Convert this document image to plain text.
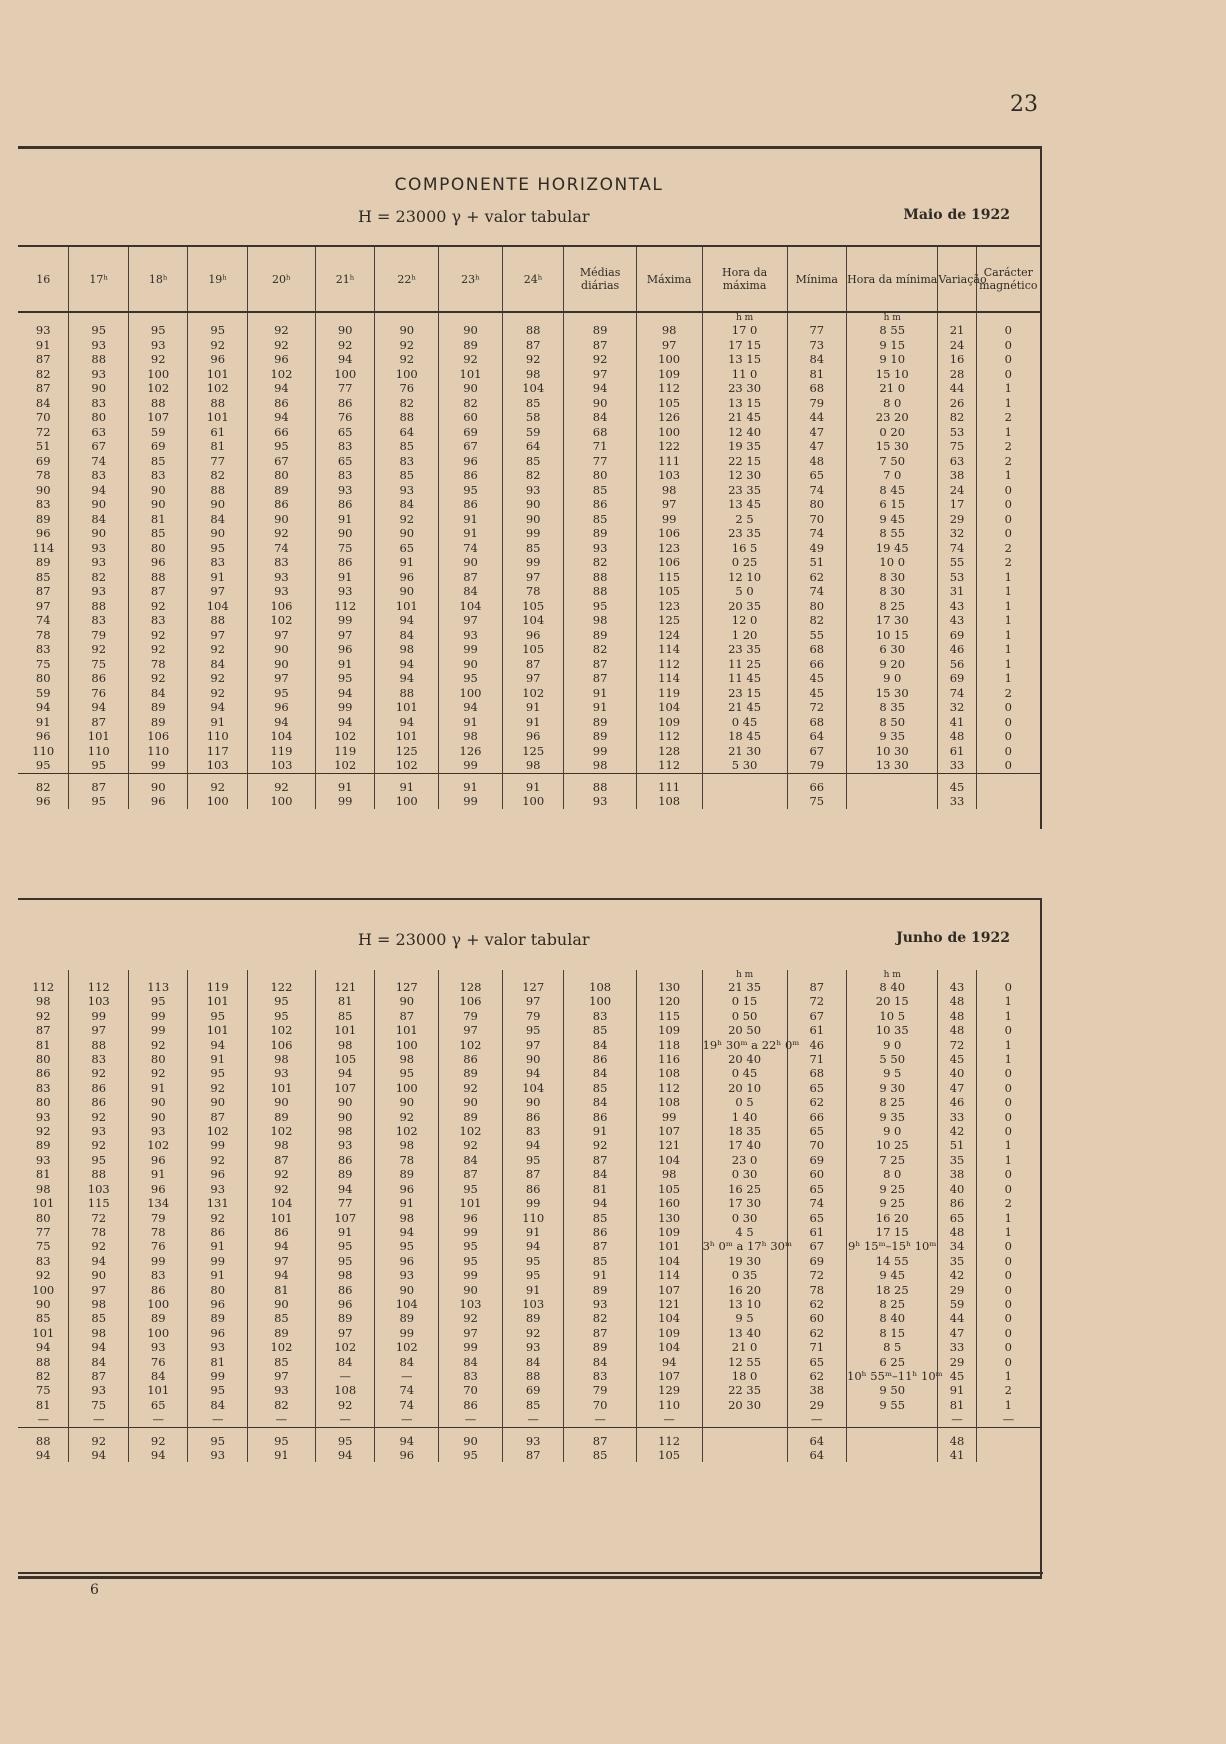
23
COMPONENTE HORIZONTAL
H = 23000 γ + valor tabular	Maio de 1922
16	17ʰ	18ʰ	19ʰ	20ʰ	21ʰ	22ʰ	23ʰ	24ʰ	Médias diárias	Máxima	Hora da máxima	Mínima	Hora da mínima	Variação	Carácter magnético
											h m		h m		
93	95	95	95	92	90	90	90	88	89	98	17 0	77	8 55	21	0
91	93	93	92	92	92	92	89	87	87	97	17 15	73	9 15	24	0
87	88	92	96	96	94	92	92	92	92	100	13 15	84	9 10	16	0
82	93	100	101	102	100	100	101	98	97	109	11 0	81	15 10	28	0
87	90	102	102	94	77	76	90	104	94	112	23 30	68	21 0	44	1
84	83	88	88	86	86	82	82	85	90	105	13 15	79	8 0	26	1
70	80	107	101	94	76	88	60	58	84	126	21 45	44	23 20	82	2
72	63	59	61	66	65	64	69	59	68	100	12 40	47	0 20	53	1
51	67	69	81	95	83	85	67	64	71	122	19 35	47	15 30	75	2
69	74	85	77	67	65	83	96	85	77	111	22 15	48	7 50	63	2
78	83	83	82	80	83	85	86	82	80	103	12 30	65	7 0	38	1
90	94	90	88	89	93	93	95	93	85	98	23 35	74	8 45	24	0
83	90	90	90	86	86	84	86	90	86	97	13 45	80	6 15	17	0
89	84	81	84	90	91	92	91	90	85	99	2 5	70	9 45	29	0
96	90	85	90	92	90	90	91	99	89	106	23 35	74	8 55	32	0
114	93	80	95	74	75	65	74	85	93	123	16 5	49	19 45	74	2
89	93	96	83	83	86	91	90	99	82	106	0 25	51	10 0	55	2
85	82	88	91	93	91	96	87	97	88	115	12 10	62	8 30	53	1
87	93	87	97	93	93	90	84	78	88	105	5 0	74	8 30	31	1
97	88	92	104	106	112	101	104	105	95	123	20 35	80	8 25	43	1
74	83	83	88	102	99	94	97	104	98	125	12 0	82	17 30	43	1
78	79	92	97	97	97	84	93	96	89	124	1 20	55	10 15	69	1
83	92	92	92	90	96	98	99	105	82	114	23 35	68	6 30	46	1
75	75	78	84	90	91	94	90	87	87	112	11 25	66	9 20	56	1
80	86	92	92	97	95	94	95	97	87	114	11 45	45	9 0	69	1
59	76	84	92	95	94	88	100	102	91	119	23 15	45	15 30	74	2
94	94	89	94	96	99	101	94	91	91	104	21 45	72	8 35	32	0
91	87	89	91	94	94	94	91	91	89	109	0 45	68	8 50	41	0
96	101	106	110	104	102	101	98	96	89	112	18 45	64	9 35	48	0
110	110	110	117	119	119	125	126	125	99	128	21 30	67	10 30	61	0
95	95	99	103	103	102	102	99	98	98	112	5 30	79	13 30	33	0
82	87	90	92	92	91	91	91	91	88	111		66		45	
96	95	96	100	100	99	100	99	100	93	108		75		33	
H = 23000 γ + valor tabular	Junho de 1922
											h m		h m		
112	112	113	119	122	121	127	128	127	108	130	21 35	87	8 40	43	0
98	103	95	101	95	81	90	106	97	100	120	0 15	72	20 15	48	1
92	99	99	95	95	85	87	79	79	83	115	0 50	67	10 5	48	1
87	97	99	101	102	101	101	97	95	85	109	20 50	61	10 35	48	0
81	88	92	94	106	98	100	102	97	84	118	19ʰ 30ᵐ a 22ʰ 0ᵐ	46	9 0	72	1
80	83	80	91	98	105	98	86	90	86	116	20 40	71	5 50	45	1
86	92	92	95	93	94	95	89	94	84	108	0 45	68	9 5	40	0
83	86	91	92	101	107	100	92	104	85	112	20 10	65	9 30	47	0
80	86	90	90	90	90	90	90	90	84	108	0 5	62	8 25	46	0
93	92	90	87	89	90	92	89	86	86	99	1 40	66	9 35	33	0
92	93	93	102	102	98	102	102	83	91	107	18 35	65	9 0	42	0
89	92	102	99	98	93	98	92	94	92	121	17 40	70	10 25	51	1
93	95	96	92	87	86	78	84	95	87	104	23 0	69	7 25	35	1
81	88	91	96	92	89	89	87	87	84	98	0 30	60	8 0	38	0
98	103	96	93	92	94	96	95	86	81	105	16 25	65	9 25	40	0
101	115	134	131	104	77	91	101	99	94	160	17 30	74	9 25	86	2
80	72	79	92	101	107	98	96	110	85	130	0 30	65	16 20	65	1
77	78	78	86	86	91	94	99	91	86	109	4 5	61	17 15	48	1
75	92	76	91	94	95	95	95	94	87	101	3ʰ 0ᵐ a 17ʰ 30ᵐ	67	9ʰ 15ᵐ–15ʰ 10ᵐ	34	0
83	94	99	99	97	95	96	95	95	85	104	19 30	69	14 55	35	0
92	90	83	91	94	98	93	99	95	91	114	0 35	72	9 45	42	0
100	97	86	80	81	86	90	90	91	89	107	16 20	78	18 25	29	0
90	98	100	96	90	96	104	103	103	93	121	13 10	62	8 25	59	0
85	85	89	89	85	89	89	92	89	82	104	9 5	60	8 40	44	0
101	98	100	96	89	97	99	97	92	87	109	13 40	62	8 15	47	0
94	94	93	93	102	102	102	99	93	89	104	21 0	71	8 5	33	0
88	84	76	81	85	84	84	84	84	84	94	12 55	65	6 25	29	0
82	87	84	99	97	—	—	83	88	83	107	18 0	62	10ʰ 55ᵐ–11ʰ 10ᵐ	45	1
75	93	101	95	93	108	74	70	69	79	129	22 35	38	9 50	91	2
81	75	65	84	82	92	74	86	85	70	110	20 30	29	9 55	81	1
—	—	—	—	—	—	—	—	—	—	—		—		—	—
88	92	92	95	95	95	94	90	93	87	112		64		48	
94	94	94	93	91	94	96	95	87	85	105		64		41	
6
